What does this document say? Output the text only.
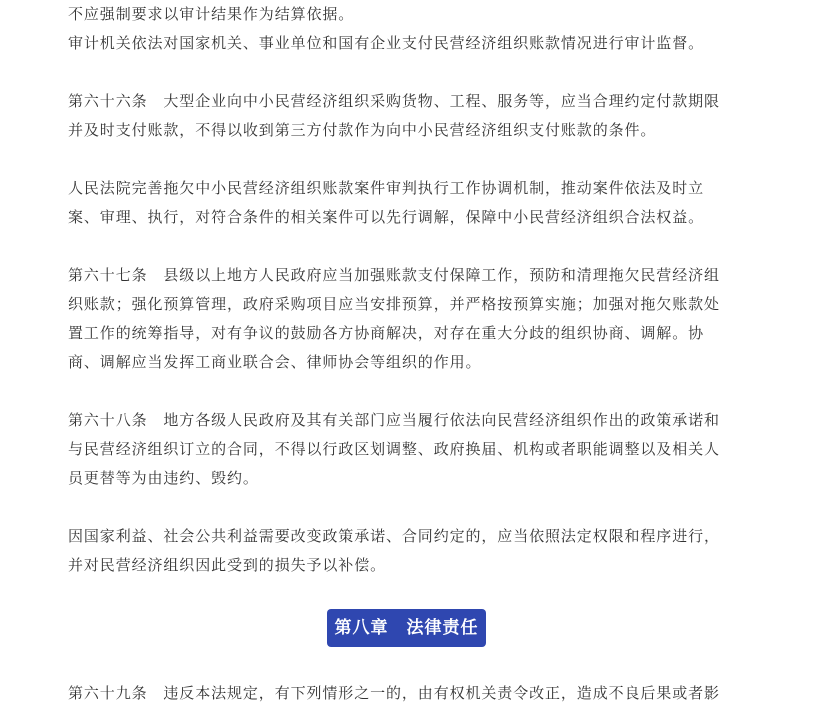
不应强制要求以审计结果作为结算依据。
审计机关依法对国家机关、事业单位和国有企业支付民营经济组织账款情况进行审计监督。
第六十六条　大型企业向中小民营经济组织采购货物、工程、服务等，应当合理约定付款期限
并及时支付账款，不得以收到第三方付款作为向中小民营经济组织支付账款的条件。
人民法院完善拖欠中小民营经济组织账款案件审判执行工作协调机制，推动案件依法及时立
案、审理、执行，对符合条件的相关案件可以先行调解，保障中小民营经济组织合法权益。
第六十七条　县级以上地方人民政府应当加强账款支付保障工作，预防和清理拖欠民营经济组
织账款；强化预算管理，政府采购项目应当安排预算，并严格按预算实施；加强对拖欠账款处
置工作的统筹指导，对有争议的鼓励各方协商解决，对存在重大分歧的组织协商、调解。协
商、调解应当发挥工商业联合会、律师协会等组织的作用。
第六十八条　地方各级人民政府及其有关部门应当履行依法向民营经济组织作出的政策承诺和
与民营经济组织订立的合同，不得以行政区划调整、政府换届、机构或者职能调整以及相关人
员更替等为由违约、毁约。
因国家利益、社会公共利益需要改变政策承诺、合同约定的，应当依照法定权限和程序进行，
并对民营经济组织因此受到的损失予以补偿。
第八章　法律责任
第六十九条　违反本法规定，有下列情形之一的，由有权机关责令改正，造成不良后果或者影
